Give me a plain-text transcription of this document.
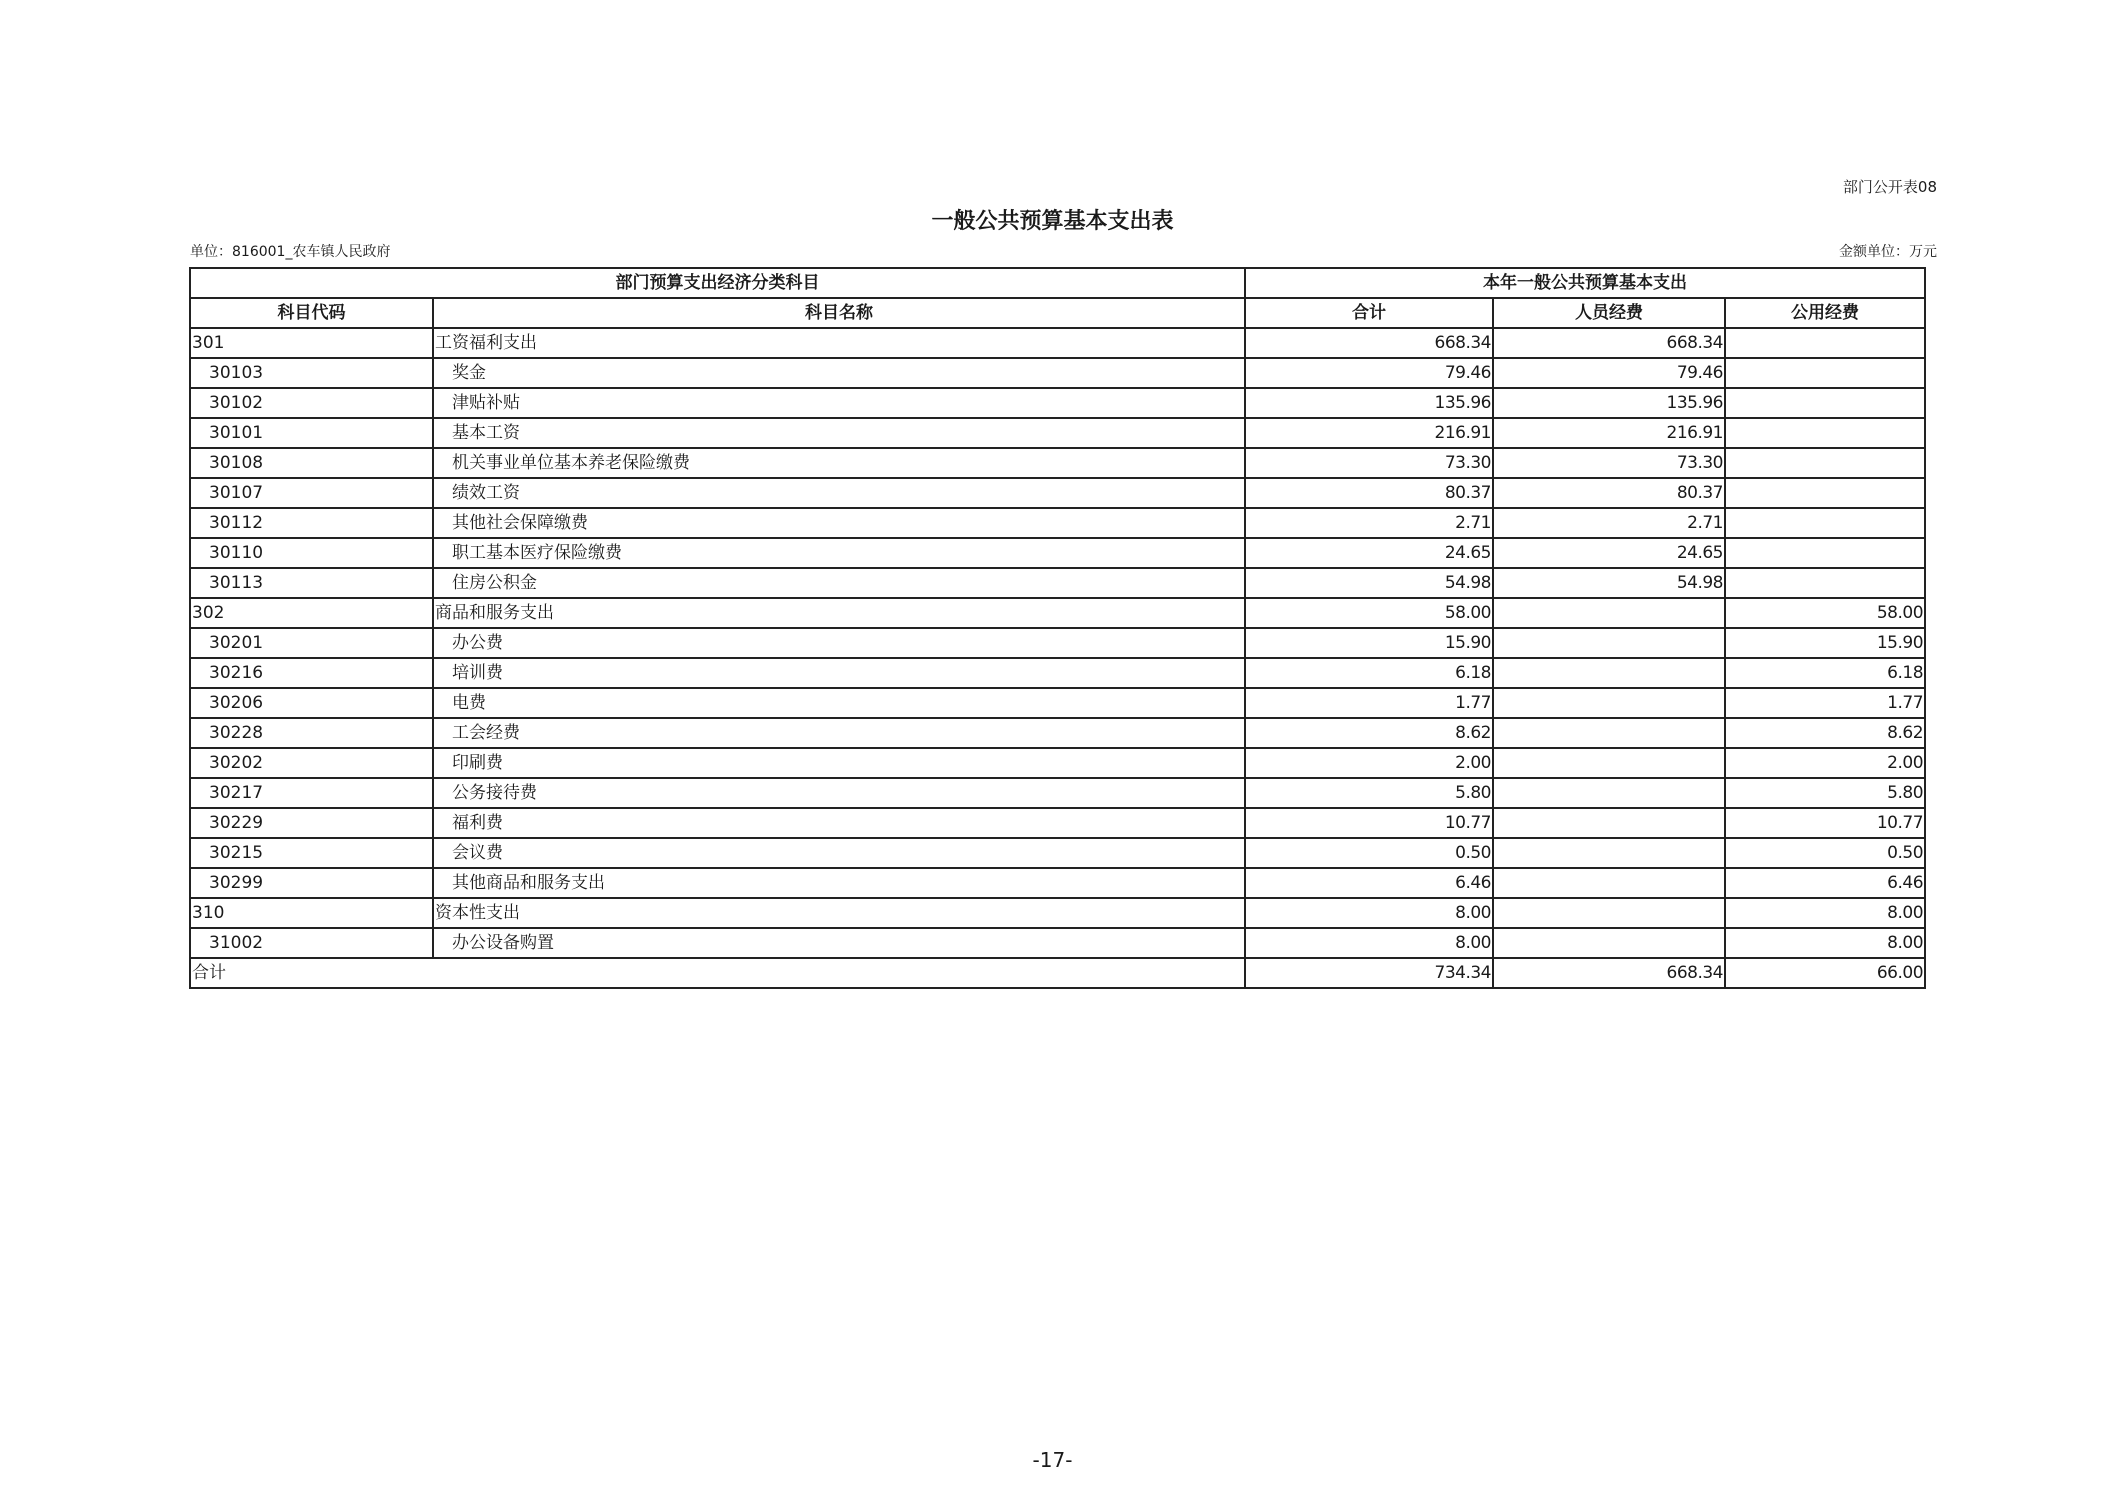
部门公开表08
一般公共预算基本支出表
单位：816001_农车镇人民政府	金额单位：万元
部门预算支出经济分类科目		本年一般公共预算基本支出		
科目代码	科目名称	合计	人员经费	公用经费
301	工资福利支出	668.34	668.34	
30103	奖金	79.46	79.46	
30102	津贴补贴	135.96	135.96	
30101	基本工资	216.91	216.91	
30108	机关事业单位基本养老保险缴费	73.30	73.30	
30107	绩效工资	80.37	80.37	
30112	其他社会保障缴费	2.71	2.71	
30110	职工基本医疗保险缴费	24.65	24.65	
30113	住房公积金	54.98	54.98	
302	商品和服务支出	58.00		58.00
30201	办公费	15.90		15.90
30216	培训费	6.18		6.18
30206	电费	1.77		1.77
30228	工会经费	8.62		8.62
30202	印刷费	2.00		2.00
30217	公务接待费	5.80		5.80
30229	福利费	10.77		10.77
30215	会议费	0.50		0.50
30299	其他商品和服务支出	6.46		6.46
310	资本性支出	8.00		8.00
31002	办公设备购置	8.00		8.00
合计		734.34	668.34	66.00
-17-
